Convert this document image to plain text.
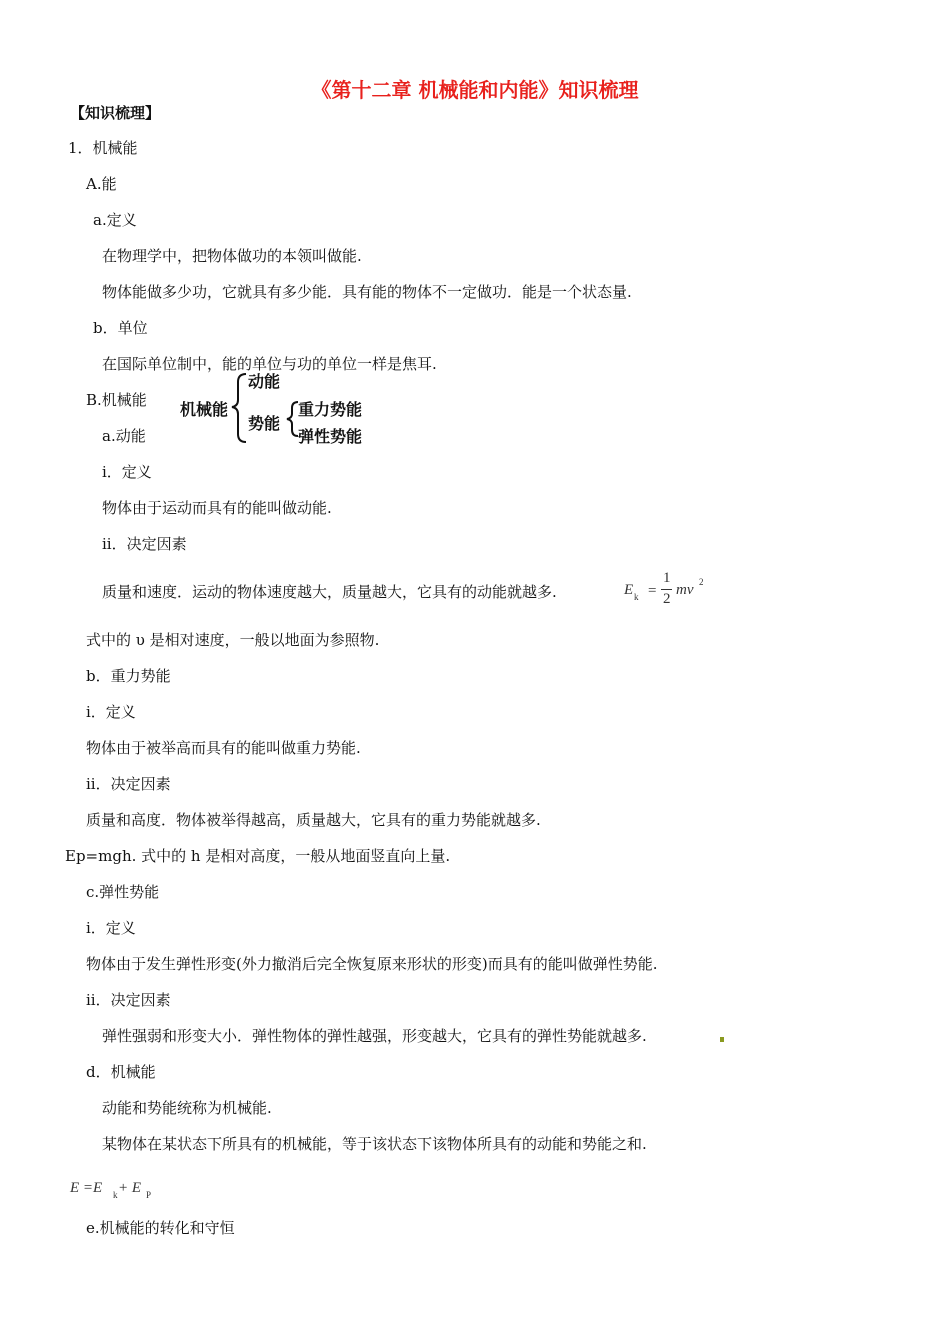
《第十二章 机械能和内能》知识梳理
【知识梳理】
1．机械能
A.能
a.定义
在物理学中，把物体做功的本领叫做能.
物体能做多少功，它就具有多少能．具有能的物体不一定做功．能是一个状态量.
b．单位
在国际单位制中，能的单位与功的单位一样是焦耳.
B.机械能
a.动能
机械能
动能
势能
重力势能
弹性势能
i．定义
物体由于运动而具有的能叫做动能.
ii．决定因素
质量和速度．运动的物体速度越大，质量越大，它具有的动能就越多.	E k =
1
2
mv 2
式中的 υ 是相对速度，一般以地面为参照物.
b．重力势能
i．定义
物体由于被举高而具有的能叫做重力势能.
ii．决定因素
质量和高度．物体被举得越高，质量越大，它具有的重力势能就越多.
Ep=mgh. 式中的 h 是相对高度，一般从地面竖直向上量.
c.弹性势能
i．定义
物体由于发生弹性形变(外力撤消后完全恢复原来形状的形变)而具有的能叫做弹性势能.
ii．决定因素
弹性强弱和形变大小．弹性物体的弹性越强，形变越大，它具有的弹性势能就越多.
d．机械能
动能和势能统称为机械能.
某物体在某状态下所具有的机械能，等于该状态下该物体所具有的动能和势能之和.
E =E k + E P
e.机械能的转化和守恒
